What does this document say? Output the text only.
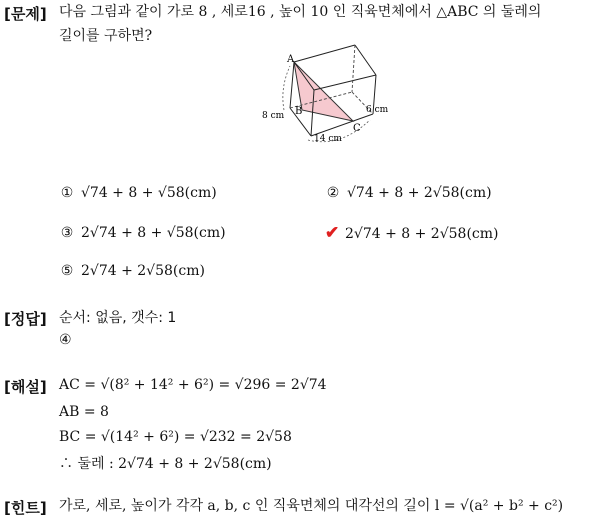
[문제]
[정답]
[해설]
[힌트]
다음 그림과 같이 가로 8 , 세로16 , 높이 10 인 직육면체에서 △ABC 의 둘레의
길이를 구하면?
A
B
C
8 cm
6 cm
14 cm
① √74 + 8 + √58(cm)	② √74 + 8 + 2√58(cm)
③ 2√74 + 8 + √58(cm)	✔ 2√74 + 8 + 2√58(cm)
⑤ 2√74 + 2√58(cm)
순서: 없음, 갯수: 1
④
AC = √(8² + 14² + 6²) = √296 = 2√74
AB = 8
BC = √(14² + 6²) = √232 = 2√58
∴ 둘레 : 2√74 + 8 + 2√58(cm)
가로, 세로, 높이가 각각 a, b, c 인 직육면체의 대각선의 길이 l = √(a² + b² + c²)
